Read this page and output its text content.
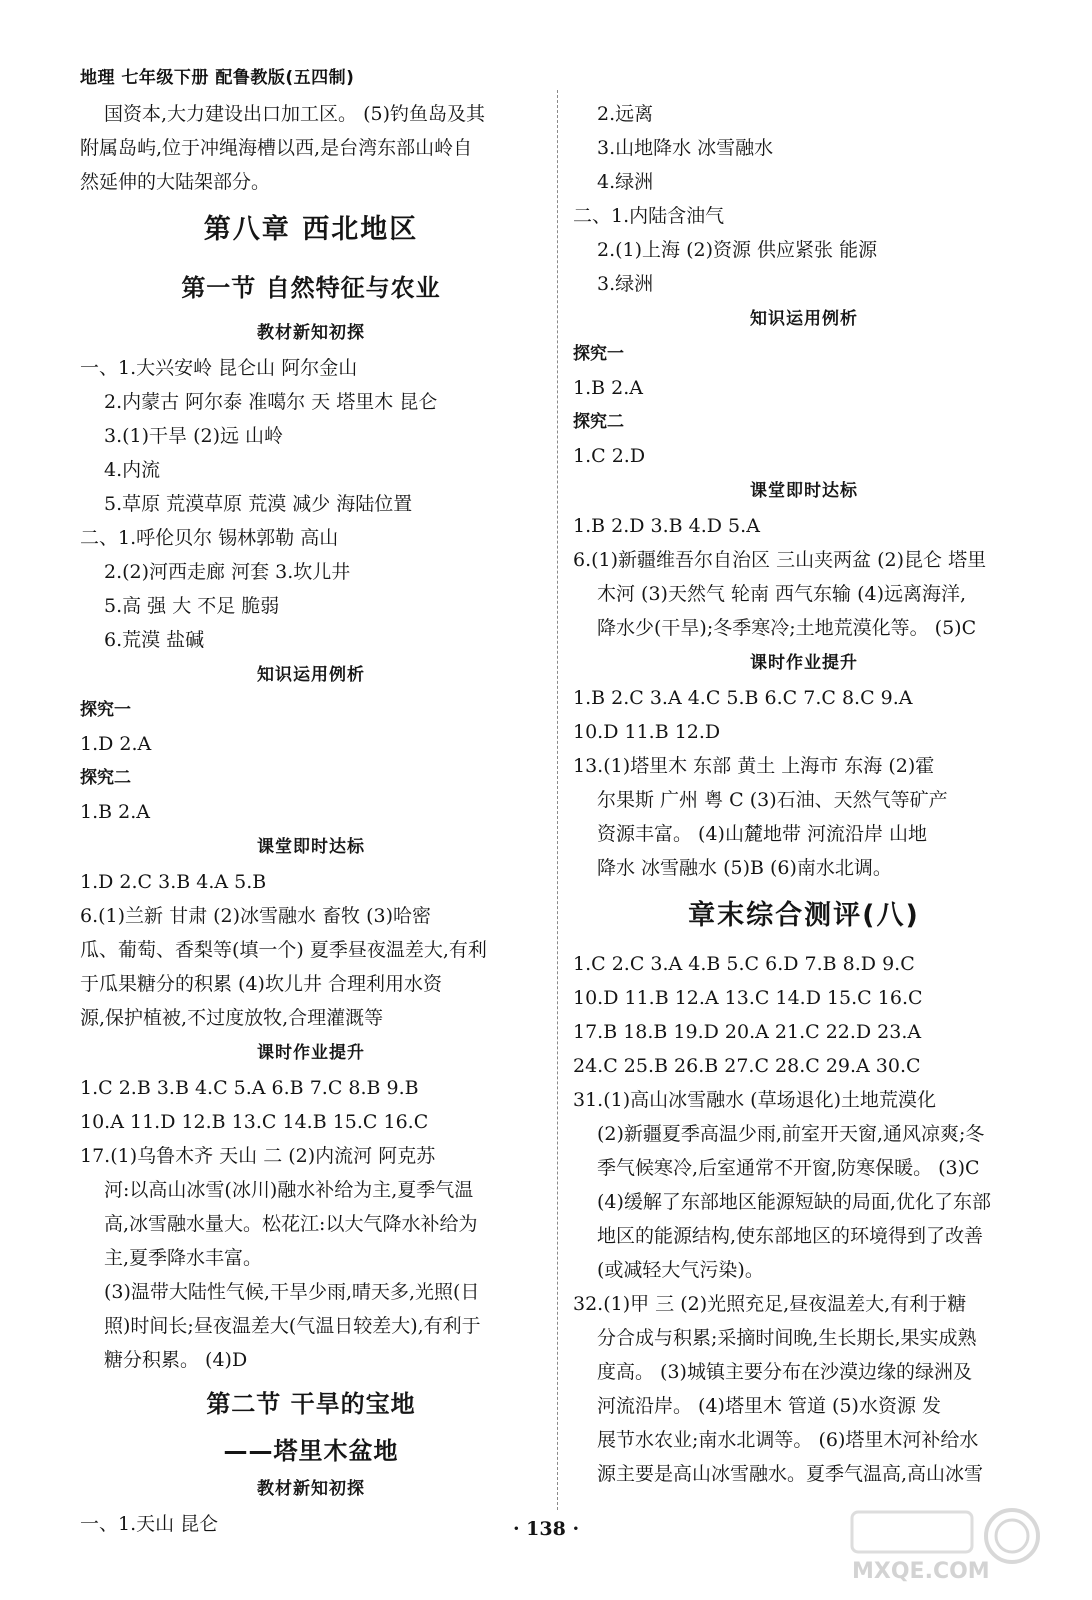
地理 七年级下册 配鲁教版(五四制)
国资本,大力建设出口加工区。 (5)钓鱼岛及其
附属岛屿,位于冲绳海槽以西,是台湾东部山岭自
然延伸的大陆架部分。
第八章 西北地区
第一节 自然特征与农业
教材新知初探
一、1.大兴安岭 昆仑山 阿尔金山
2.内蒙古 阿尔泰 准噶尔 天 塔里木 昆仑
3.(1)干旱 (2)远 山岭
4.内流
5.草原 荒漠草原 荒漠 减少 海陆位置
二、1.呼伦贝尔 锡林郭勒 高山
2.(2)河西走廊 河套 3.坎儿井
5.高 强 大 不足 脆弱
6.荒漠 盐碱
知识运用例析
探究一
1.D 2.A
探究二
1.B 2.A
课堂即时达标
1.D 2.C 3.B 4.A 5.B
6.(1)兰新 甘肃 (2)冰雪融水 畜牧 (3)哈密
瓜、葡萄、香梨等(填一个) 夏季昼夜温差大,有利
于瓜果糖分的积累 (4)坎儿井 合理利用水资
源,保护植被,不过度放牧,合理灌溉等
课时作业提升
1.C 2.B 3.B 4.C 5.A 6.B 7.C 8.B 9.B
10.A 11.D 12.B 13.C 14.B 15.C 16.C
17.(1)乌鲁木齐 天山 二 (2)内流河 阿克苏
河:以高山冰雪(冰川)融水补给为主,夏季气温
高,冰雪融水量大。松花江:以大气降水补给为
主,夏季降水丰富。
(3)温带大陆性气候,干旱少雨,晴天多,光照(日
照)时间长;昼夜温差大(气温日较差大),有利于
糖分积累。 (4)D
第二节 干旱的宝地
——塔里木盆地
教材新知初探
一、1.天山 昆仑
2.远离
3.山地降水 冰雪融水
4.绿洲
二、1.内陆含油气
2.(1)上海 (2)资源 供应紧张 能源
3.绿洲
知识运用例析
探究一
1.B 2.A
探究二
1.C 2.D
课堂即时达标
1.B 2.D 3.B 4.D 5.A
6.(1)新疆维吾尔自治区 三山夹两盆 (2)昆仑 塔里
木河 (3)天然气 轮南 西气东输 (4)远离海洋,
降水少(干旱);冬季寒冷;土地荒漠化等。 (5)C
课时作业提升
1.B 2.C 3.A 4.C 5.B 6.C 7.C 8.C 9.A
10.D 11.B 12.D
13.(1)塔里木 东部 黄土 上海市 东海 (2)霍
尔果斯 广州 粤 C (3)石油、天然气等矿产
资源丰富。 (4)山麓地带 河流沿岸 山地
降水 冰雪融水 (5)B (6)南水北调。
章末综合测评(八)
1.C 2.C 3.A 4.B 5.C 6.D 7.B 8.D 9.C
10.D 11.B 12.A 13.C 14.D 15.C 16.C
17.B 18.B 19.D 20.A 21.C 22.D 23.A
24.C 25.B 26.B 27.C 28.C 29.A 30.C
31.(1)高山冰雪融水 (草场退化)土地荒漠化
(2)新疆夏季高温少雨,前室开天窗,通风凉爽;冬
季气候寒冷,后室通常不开窗,防寒保暖。 (3)C
(4)缓解了东部地区能源短缺的局面,优化了东部
地区的能源结构,使东部地区的环境得到了改善
(或减轻大气污染)。
32.(1)甲 三 (2)光照充足,昼夜温差大,有利于糖
分合成与积累;采摘时间晚,生长期长,果实成熟
度高。 (3)城镇主要分布在沙漠边缘的绿洲及
河流沿岸。 (4)塔里木 管道 (5)水资源 发
展节水农业;南水北调等。 (6)塔里木河补给水
源主要是高山冰雪融水。夏季气温高,高山冰雪
· 138 ·
MXQE.COM
